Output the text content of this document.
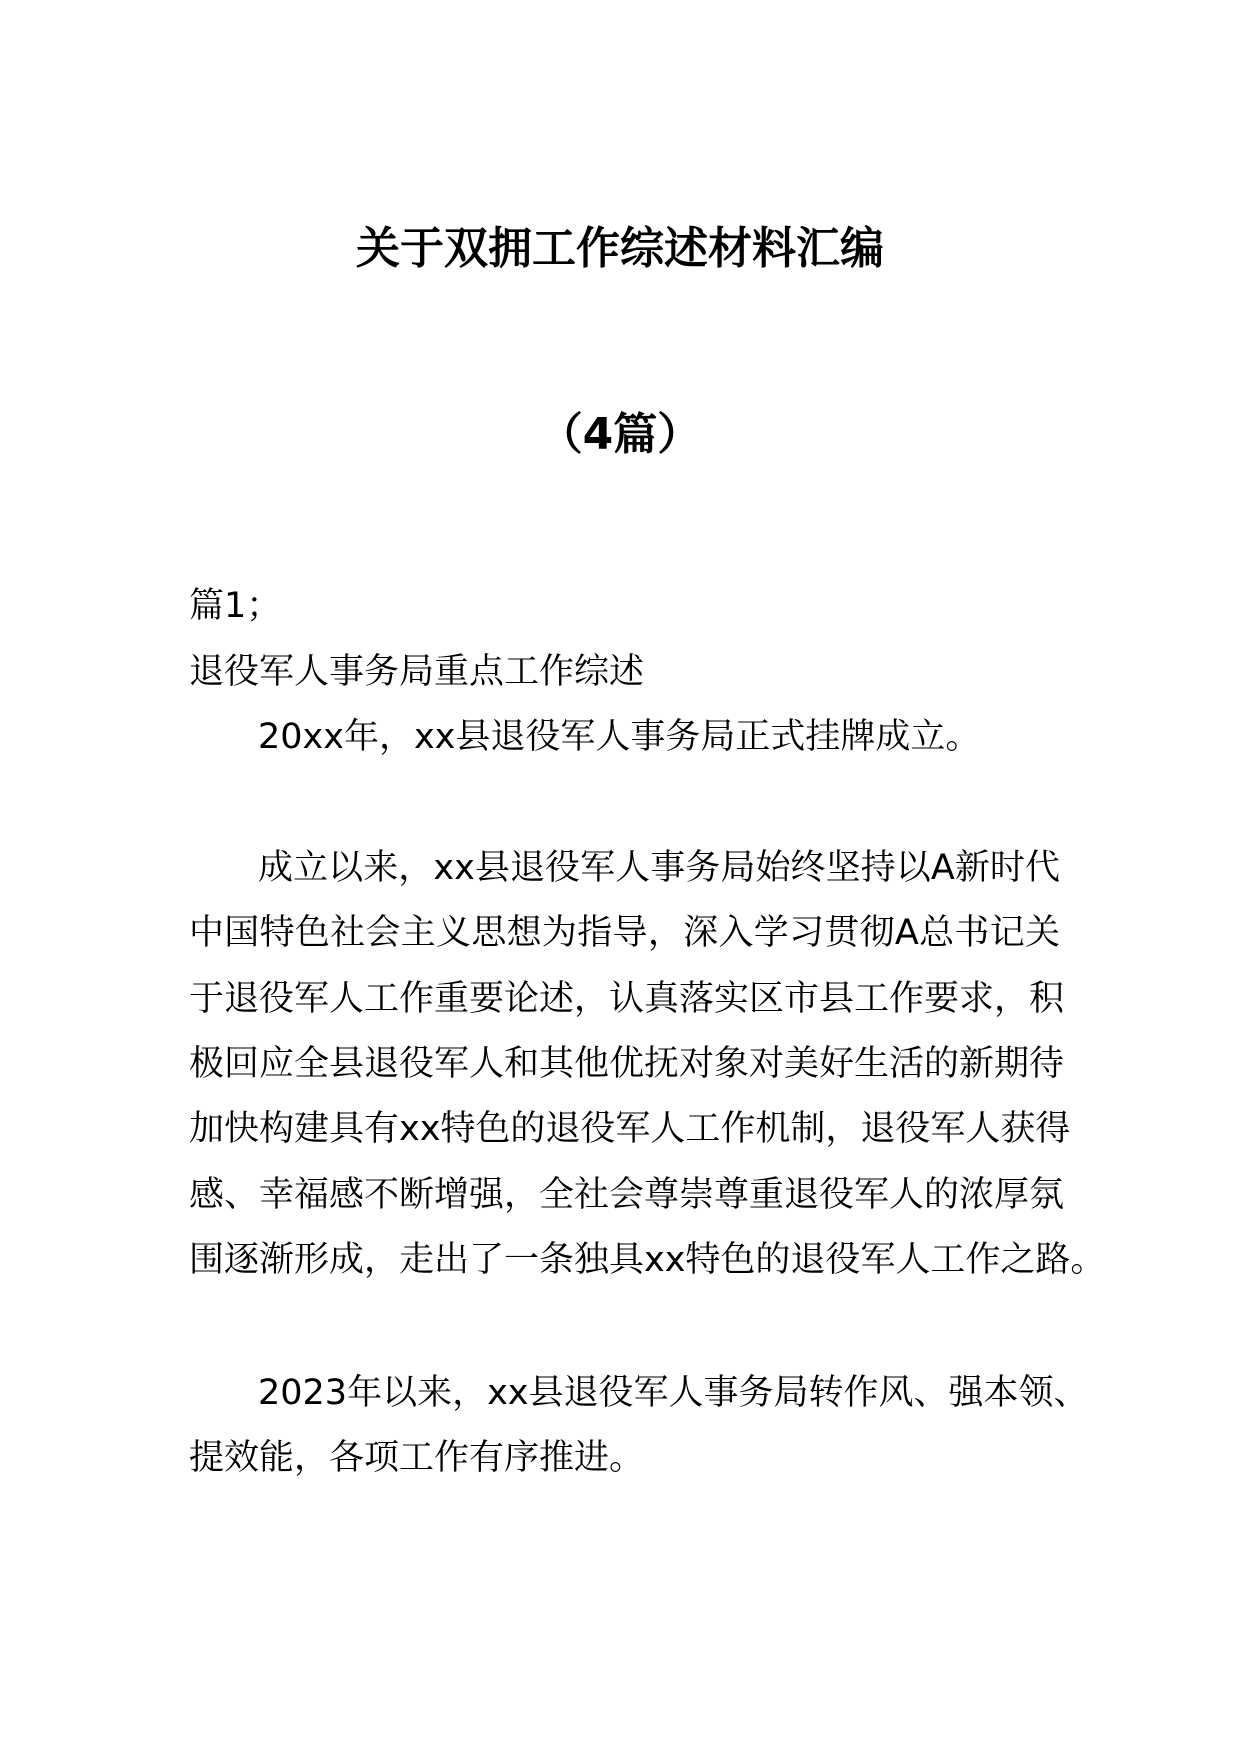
关于双拥工作综述材料汇编
（4篇）
篇1；
退役军人事务局重点工作综述
20xx年，xx县退役军人事务局正式挂牌成立。
成立以来，xx县退役军人事务局始终坚持以A新时代
中国特色社会主义思想为指导，深入学习贯彻A总书记关
于退役军人工作重要论述，认真落实区市县工作要求，积
极回应全县退役军人和其他优抚对象对美好生活的新期待
加快构建具有xx特色的退役军人工作机制，退役军人获得
感、幸福感不断增强，全社会尊崇尊重退役军人的浓厚氛
围逐渐形成，走出了一条独具xx特色的退役军人工作之路。
2023年以来，xx县退役军人事务局转作风、强本领、
提效能，各项工作有序推进。
